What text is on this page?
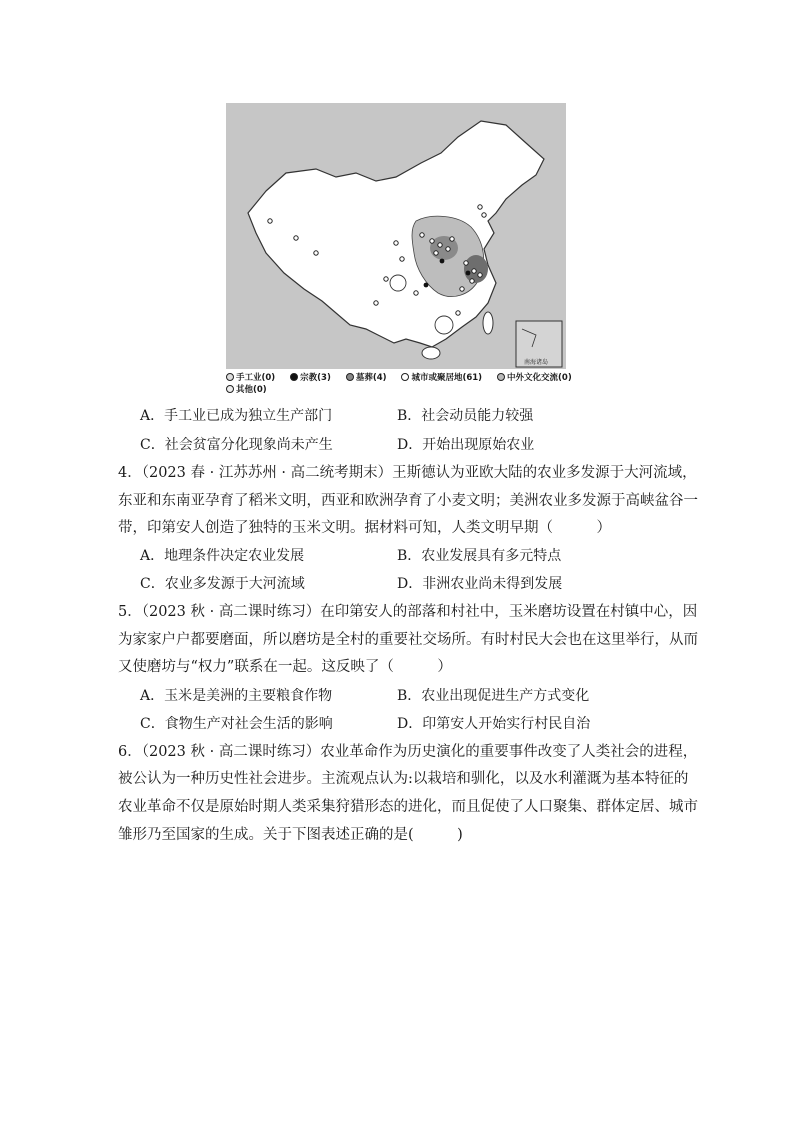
南海诸岛
手工业(0)	宗教(3)	墓葬(4)	城市或聚居地(61)	中外文化交流(0)
其他(0)
A．手工业已成为独立生产部门	B．社会动员能力较强
C．社会贫富分化现象尚未产生	D．开始出现原始农业
4．（2023 春 · 江苏苏州 · 高二统考期末）王斯德认为亚欧大陆的农业多发源于大河流域，
东亚和东南亚孕育了稻米文明，西亚和欧洲孕育了小麦文明；美洲农业多发源于高峡盆谷一
带，印第安人创造了独特的玉米文明。据材料可知，人类文明早期（　　　）
A．地理条件决定农业发展	B．农业发展具有多元特点
C．农业多发源于大河流域	D．非洲农业尚未得到发展
5．（2023 秋 · 高二课时练习）在印第安人的部落和村社中，玉米磨坊设置在村镇中心，因
为家家户户都要磨面，所以磨坊是全村的重要社交场所。有时村民大会也在这里举行，从而
又使磨坊与“权力”联系在一起。这反映了（　　　）
A．玉米是美洲的主要粮食作物	B．农业出现促进生产方式变化
C．食物生产对社会生活的影响	D．印第安人开始实行村民自治
6．（2023 秋 · 高二课时练习）农业革命作为历史演化的重要事件改变了人类社会的进程，
被公认为一种历史性社会进步。主流观点认为:以栽培和驯化，以及水利灌溉为基本特征的
农业革命不仅是原始时期人类采集狩猎形态的进化，而且促使了人口聚集、群体定居、城市
雏形乃至国家的生成。关于下图表述正确的是(　　　)
